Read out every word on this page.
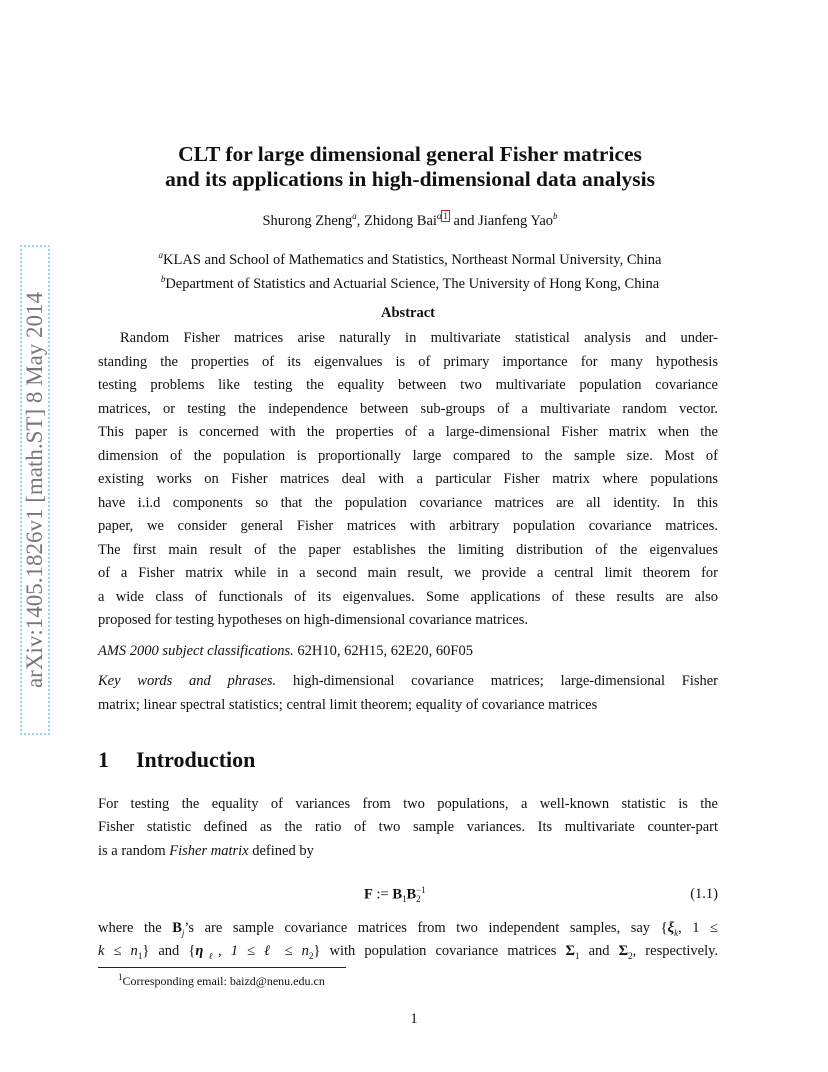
arXiv:1405.1826v1 [math.ST] 8 May 2014
CLT for large dimensional general Fisher matrices
and its applications in high-dimensional data analysis
Shurong Zheng$^a$, Zhidong Bai$^a$ 1 and Jianfeng Yao$^b$
$^a$KLAS and School of Mathematics and Statistics, Northeast Normal University, China
$^b$Department of Statistics and Actuarial Science, The University of Hong Kong, China
Abstract
Random Fisher matrices arise naturally in multivariate statistical analysis and under-
standing the properties of its eigenvalues is of primary importance for many hypothesis
testing problems like testing the equality between two multivariate population covariance
matrices, or testing the independence between sub-groups of a multivariate random vector.
This paper is concerned with the properties of a large-dimensional Fisher matrix when the
dimension of the population is proportionally large compared to the sample size. Most of
existing works on Fisher matrices deal with a particular Fisher matrix where populations
have i.i.d components so that the population covariance matrices are all identity. In this
paper, we consider general Fisher matrices with arbitrary population covariance matrices.
The first main result of the paper establishes the limiting distribution of the eigenvalues
of a Fisher matrix while in a second main result, we provide a central limit theorem for
a wide class of functionals of its eigenvalues. Some applications of these results are also
proposed for testing hypotheses on high-dimensional covariance matrices.
AMS 2000 subject classifications. 62H10, 62H15, 62E20, 60F05
Key words and phrases. high-dimensional covariance matrices; large-dimensional Fisher
matrix; linear spectral statistics; central limit theorem; equality of covariance matrices
1 Introduction
For testing the equality of variances from two populations, a well-known statistic is the
Fisher statistic defined as the ratio of two sample variances. Its multivariate counter-part
is a random Fisher matrix defined by
F := $B_1B -1$
2	(1.1)
where the $B_j’s$ are sample covariance matrices from two independent samples, say {$\xi_k$, 1 ≤
$k \le n_1$} and {$\eta_\ell$, 1 ≤ ℓ ≤ $n_2$} with population covariance matrices $\Sigma_1$ and $\Sigma_2$, respectively.
$^1$Corresponding email: baizd@nenu.edu.cn
1
